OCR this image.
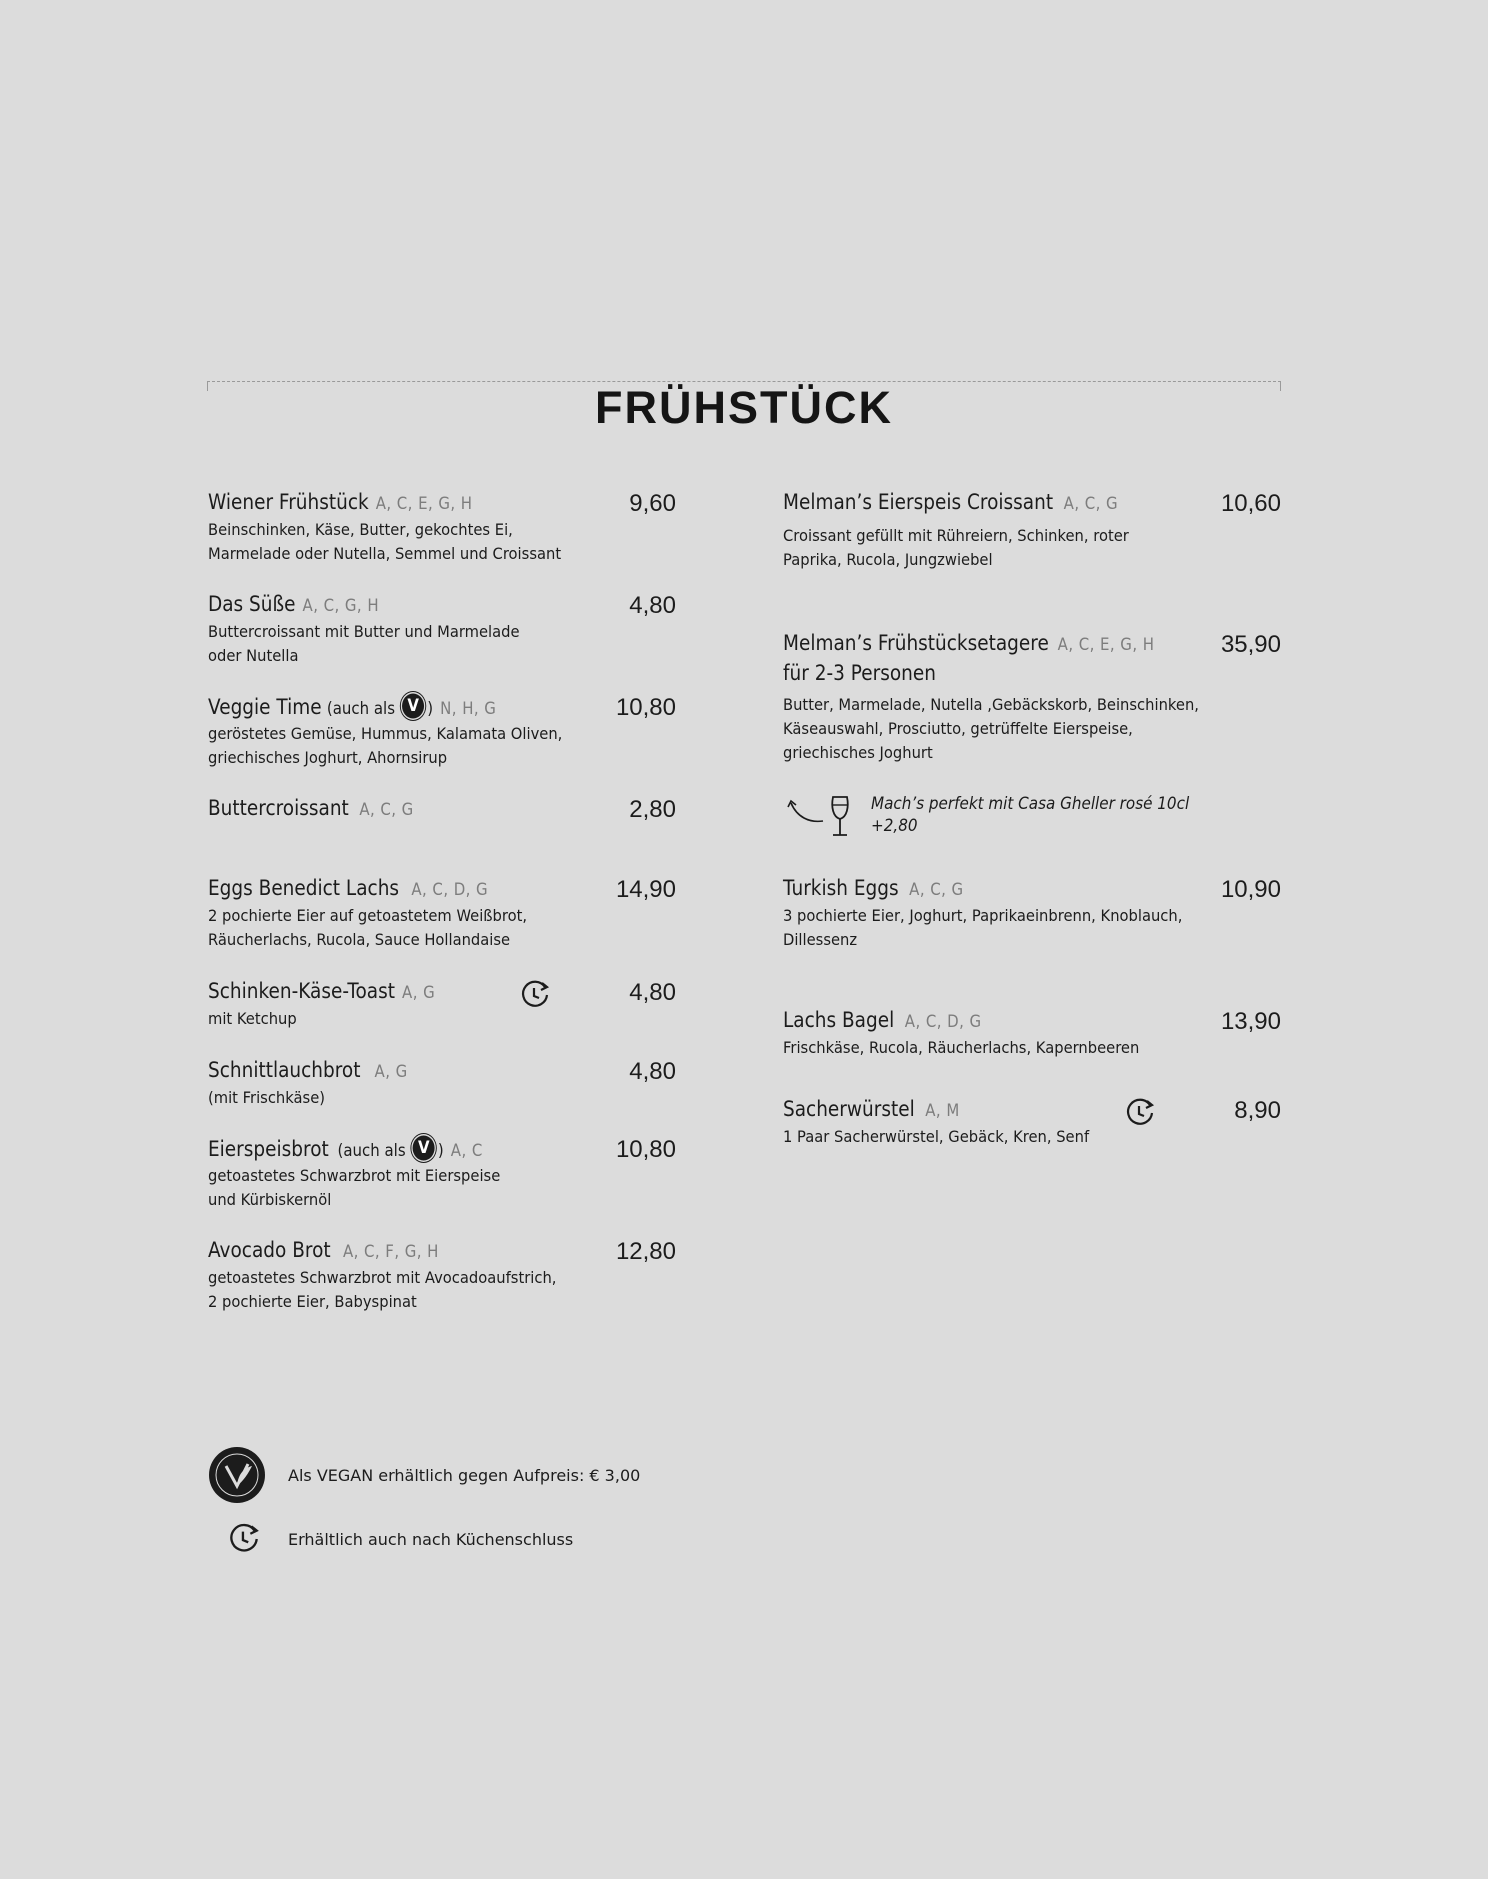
FRÜHSTÜCK
Wiener Frühstück A, C, E, G, H	9,60
Beinschinken, Käse, Butter, gekochtes Ei,
Marmelade oder Nutella, Semmel und Croissant
Das Süße A, C, G, H	4,80
Buttercroissant mit Butter und Marmelade
oder Nutella
Veggie Time (auch als V ) N, H, G	10,80
geröstetes Gemüse, Hummus, Kalamata Oliven,
griechisches Joghurt, Ahornsirup
Buttercroissant A, C, G	2,80
Eggs Benedict Lachs A, C, D, G	14,90
2 pochierte Eier auf getoastetem Weißbrot,
Räucherlachs, Rucola, Sauce Hollandaise
Schinken-Käse-Toast A, G	4,80
mit Ketchup
Schnittlauchbrot A, G	4,80
(mit Frischkäse)
Eierspeisbrot (auch als V ) A, C	10,80
getoastetes Schwarzbrot mit Eierspeise
und Kürbiskernöl
Avocado Brot A, C, F, G, H	12,80
getoastetes Schwarzbrot mit Avocadoaufstrich,
2 pochierte Eier, Babyspinat
Melman’s Eierspeis Croissant A, C, G	10,60
Croissant gefüllt mit Rühreiern, Schinken, roter
Paprika, Rucola, Jungzwiebel
Melman’s Frühstücksetagere A, C, E, G, H	35,90
für 2-3 Personen
Butter, Marmelade, Nutella ,Gebäckskorb, Beinschinken,
Käseauswahl, Prosciutto, getrüffelte Eierspeise,
griechisches Joghurt
Mach’s perfekt mit Casa Gheller rosé 10cl
+2,80
Turkish Eggs A, C, G	10,90
3 pochierte Eier, Joghurt, Paprikaeinbrenn, Knoblauch,
Dillessenz
Lachs Bagel A, C, D, G	13,90
Frischkäse, Rucola, Räucherlachs, Kapernbeeren
Sacherwürstel A, M	8,90
1 Paar Sacherwürstel, Gebäck, Kren, Senf
Als VEGAN erhältlich gegen Aufpreis: € 3,00
Erhältlich auch nach Küchenschluss
